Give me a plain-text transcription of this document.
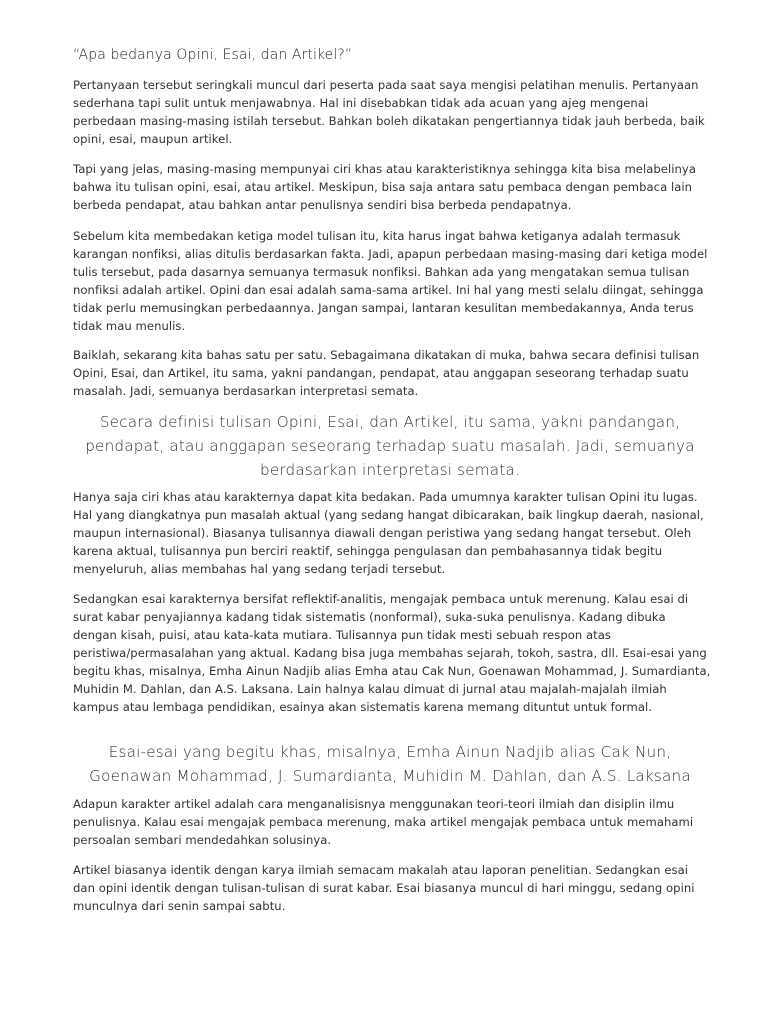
“Apa bedanya Opini, Esai, dan Artikel?”

Pertanyaan tersebut seringkali muncul dari peserta pada saat saya mengisi pelatihan menulis. Pertanyaan sederhana tapi sulit untuk menjawabnya. Hal ini disebabkan tidak ada acuan yang ajeg mengenai perbedaan masing-masing istilah tersebut. Bahkan boleh dikatakan pengertiannya tidak jauh berbeda, baik opini, esai, maupun artikel.

Tapi yang jelas, masing-masing mempunyai ciri khas atau karakteristiknya sehingga kita bisa melabelinya bahwa itu tulisan opini, esai, atau artikel. Meskipun, bisa saja antara satu pembaca dengan pembaca lain berbeda pendapat, atau bahkan antar penulisnya sendiri bisa berbeda pendapatnya.

Sebelum kita membedakan ketiga model tulisan itu, kita harus ingat bahwa ketiganya adalah termasuk karangan nonfiksi, alias ditulis berdasarkan fakta. Jadi, apapun perbedaan masing-masing dari ketiga model tulis tersebut, pada dasarnya semuanya termasuk nonfiksi. Bahkan ada yang mengatakan semua tulisan nonfiksi adalah artikel. Opini dan esai adalah sama-sama artikel. Ini hal yang mesti selalu diingat, sehingga tidak perlu memusingkan perbedaannya. Jangan sampai, lantaran kesulitan membedakannya, Anda terus tidak mau menulis.

Baiklah, sekarang kita bahas satu per satu. Sebagaimana dikatakan di muka, bahwa secara definisi tulisan Opini, Esai, dan Artikel, itu sama, yakni pandangan, pendapat, atau anggapan seseorang terhadap suatu masalah. Jadi, semuanya berdasarkan interpretasi semata.

Secara definisi tulisan Opini, Esai, dan Artikel, itu sama, yakni pandangan, pendapat, atau anggapan seseorang terhadap suatu masalah. Jadi, semuanya berdasarkan interpretasi semata.

Hanya saja ciri khas atau karakternya dapat kita bedakan. Pada umumnya karakter tulisan Opini itu lugas. Hal yang diangkatnya pun masalah aktual (yang sedang hangat dibicarakan, baik lingkup daerah, nasional, maupun internasional). Biasanya tulisannya diawali dengan peristiwa yang sedang hangat tersebut. Oleh karena aktual, tulisannya pun berciri reaktif, sehingga pengulasan dan pembahasannya tidak begitu menyeluruh, alias membahas hal yang sedang terjadi tersebut.

Sedangkan esai karakternya bersifat reflektif-analitis, mengajak pembaca untuk merenung. Kalau esai di surat kabar penyajiannya kadang tidak sistematis (nonformal), suka-suka penulisnya. Kadang dibuka dengan kisah, puisi, atau kata-kata mutiara. Tulisannya pun tidak mesti sebuah respon atas peristiwa/permasalahan yang aktual. Kadang bisa juga membahas sejarah, tokoh, sastra, dll. Esai-esai yang begitu khas, misalnya, Emha Ainun Nadjib alias Emha atau Cak Nun, Goenawan Mohammad, J. Sumardianta, Muhidin M. Dahlan, dan A.S. Laksana. Lain halnya kalau dimuat di jurnal atau majalah-majalah ilmiah kampus atau lembaga pendidikan, esainya akan sistematis karena memang dituntut untuk formal.

Esai-esai yang begitu khas, misalnya, Emha Ainun Nadjib alias Cak Nun, Goenawan Mohammad, J. Sumardianta, Muhidin M. Dahlan, dan A.S. Laksana

Adapun karakter artikel adalah cara menganalisisnya menggunakan teori-teori ilmiah dan disiplin ilmu penulisnya. Kalau esai mengajak pembaca merenung, maka artikel mengajak pembaca untuk memahami persoalan sembari mendedahkan solusinya.

Artikel biasanya identik dengan karya ilmiah semacam makalah atau laporan penelitian. Sedangkan esai dan opini identik dengan tulisan-tulisan di surat kabar. Esai biasanya muncul di hari minggu, sedang opini munculnya dari senin sampai sabtu.
